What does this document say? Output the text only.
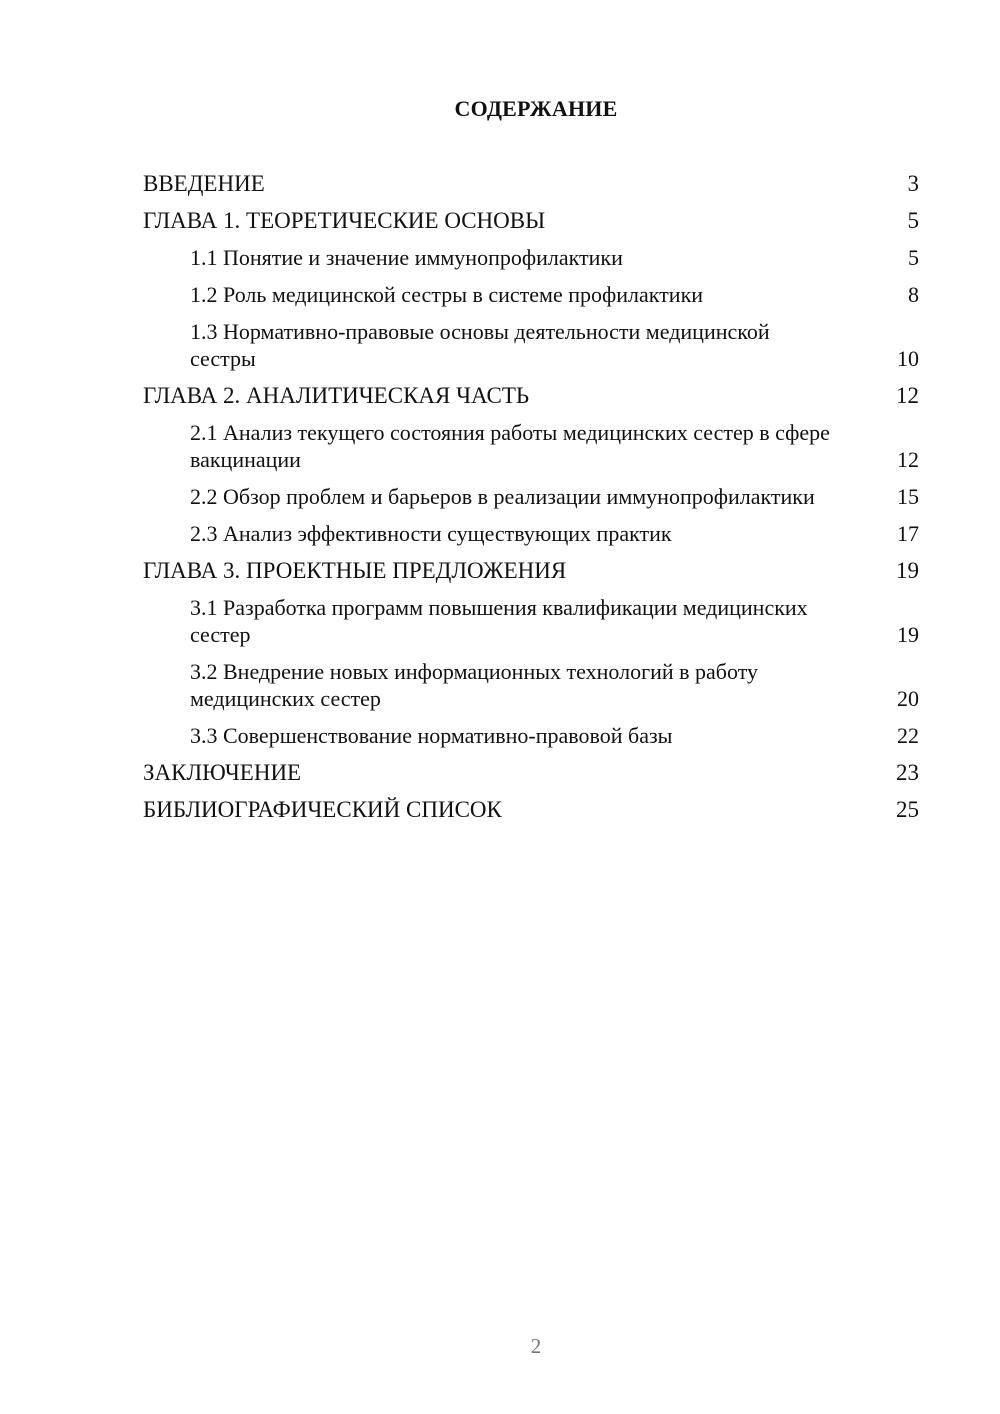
СОДЕРЖАНИЕ
ВВЕДЕНИЕ	3
ГЛАВА 1. ТЕОРЕТИЧЕСКИЕ ОСНОВЫ	5
1.1 Понятие и значение иммунопрофилактики	5
1.2 Роль медицинской сестры в системе профилактики	8
1.3 Нормативно-правовые основы деятельности медицинской сестры	10
ГЛАВА 2. АНАЛИТИЧЕСКАЯ ЧАСТЬ	12
2.1 Анализ текущего состояния работы медицинских сестер в сфере вакцинации	12
2.2 Обзор проблем и барьеров в реализации иммунопрофилактики	15
2.3 Анализ эффективности существующих практик	17
ГЛАВА 3. ПРОЕКТНЫЕ ПРЕДЛОЖЕНИЯ	19
3.1 Разработка программ повышения квалификации медицинских сестер	19
3.2 Внедрение новых информационных технологий в работу медицинских сестер	20
3.3 Совершенствование нормативно-правовой базы	22
ЗАКЛЮЧЕНИЕ	23
БИБЛИОГРАФИЧЕСКИЙ СПИСОК	25
2
